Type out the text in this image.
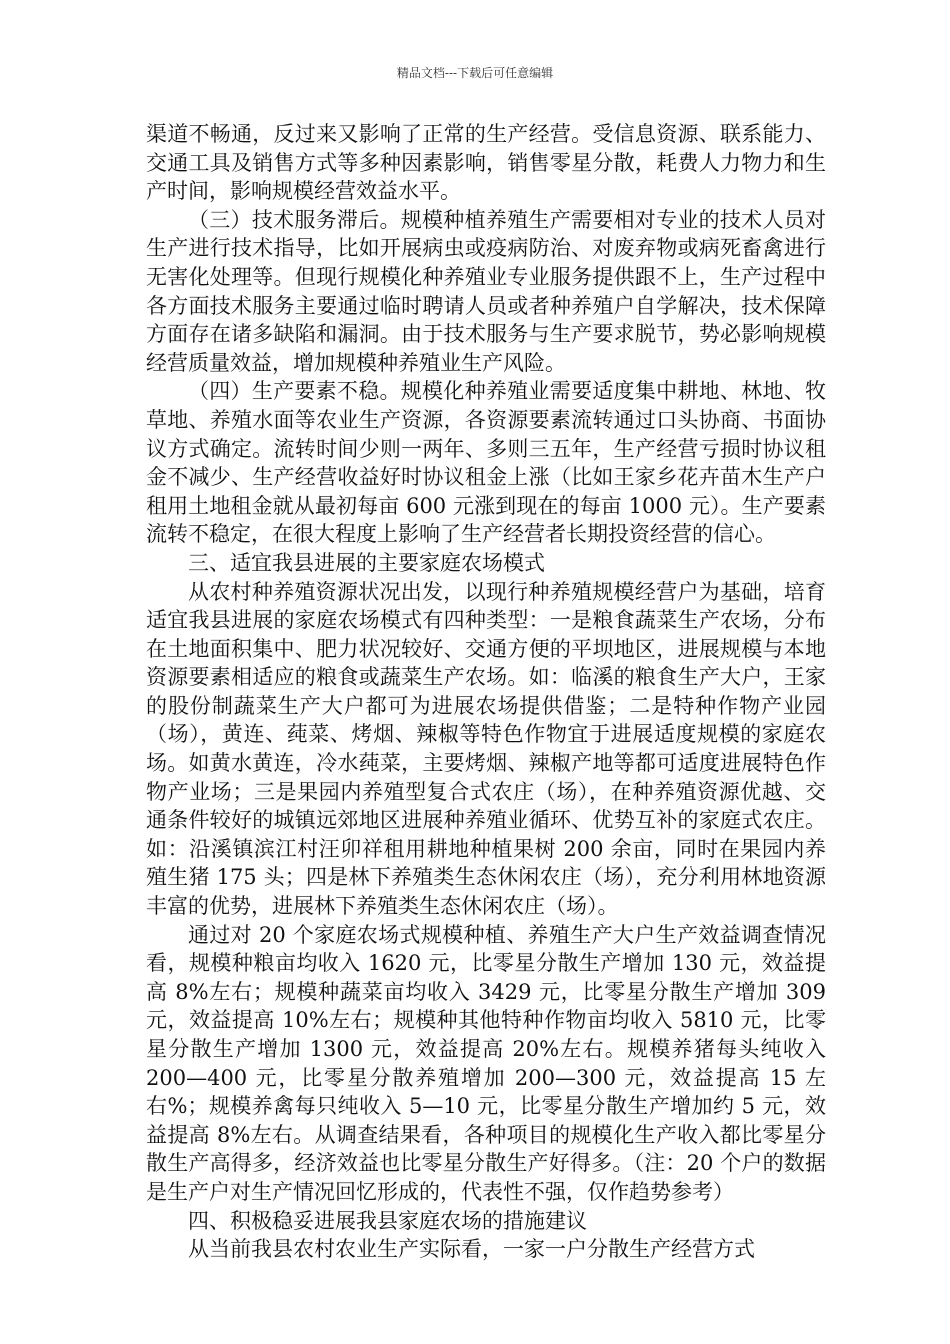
精品文档---下载后可任意编辑

渠道不畅通，反过来又影响了正常的生产经营。受信息资源、联系能力、交通工具及销售方式等多种因素影响，销售零星分散，耗费人力物力和生产时间，影响规模经营效益水平。

（三）技术服务滞后。规模种植养殖生产需要相对专业的技术人员对生产进行技术指导，比如开展病虫或疫病防治、对废弃物或病死畜禽进行无害化处理等。但现行规模化种养殖业专业服务提供跟不上，生产过程中各方面技术服务主要通过临时聘请人员或者种养殖户自学解决，技术保障方面存在诸多缺陷和漏洞。由于技术服务与生产要求脱节，势必影响规模经营质量效益，增加规模种养殖业生产风险。

（四）生产要素不稳。规模化种养殖业需要适度集中耕地、林地、牧草地、养殖水面等农业生产资源，各资源要素流转通过口头协商、书面协议方式确定。流转时间少则一两年、多则三五年，生产经营亏损时协议租金不减少、生产经营收益好时协议租金上涨（比如王家乡花卉苗木生产户租用土地租金就从最初每亩 600 元涨到现在的每亩 1000 元）。生产要素流转不稳定，在很大程度上影响了生产经营者长期投资经营的信心。

三、适宜我县进展的主要家庭农场模式

从农村种养殖资源状况出发，以现行种养殖规模经营户为基础，培育适宜我县进展的家庭农场模式有四种类型：一是粮食蔬菜生产农场，分布在土地面积集中、肥力状况较好、交通方便的平坝地区，进展规模与本地资源要素相适应的粮食或蔬菜生产农场。如：临溪的粮食生产大户，王家的股份制蔬菜生产大户都可为进展农场提供借鉴；二是特种作物产业园（场），黄连、莼菜、烤烟、辣椒等特色作物宜于进展适度规模的家庭农场。如黄水黄连，冷水莼菜，主要烤烟、辣椒产地等都可适度进展特色作物产业场；三是果园内养殖型复合式农庄（场），在种养殖资源优越、交通条件较好的城镇远郊地区进展种养殖业循环、优势互补的家庭式农庄。如：沿溪镇滨江村汪卯祥租用耕地种植果树 200 余亩，同时在果园内养殖生猪 175 头；四是林下养殖类生态休闲农庄（场），充分利用林地资源丰富的优势，进展林下养殖类生态休闲农庄（场）。

通过对 20 个家庭农场式规模种植、养殖生产大户生产效益调查情况看，规模种粮亩均收入 1620 元，比零星分散生产增加 130 元，效益提高 8%左右；规模种蔬菜亩均收入 3429 元，比零星分散生产增加 309 元，效益提高 10%左右；规模种其他特种作物亩均收入 5810 元，比零星分散生产增加 1300 元，效益提高 20%左右。规模养猪每头纯收入 200—400 元，比零星分散养殖增加 200—300 元，效益提高 15 左右%；规模养禽每只纯收入 5—10 元，比零星分散生产增加约 5 元，效益提高 8%左右。从调查结果看，各种项目的规模化生产收入都比零星分散生产高得多，经济效益也比零星分散生产好得多。（注：20 个户的数据是生产户对生产情况回忆形成的，代表性不强，仅作趋势参考）

四、积极稳妥进展我县家庭农场的措施建议

从当前我县农村农业生产实际看，一家一户分散生产经营方式
